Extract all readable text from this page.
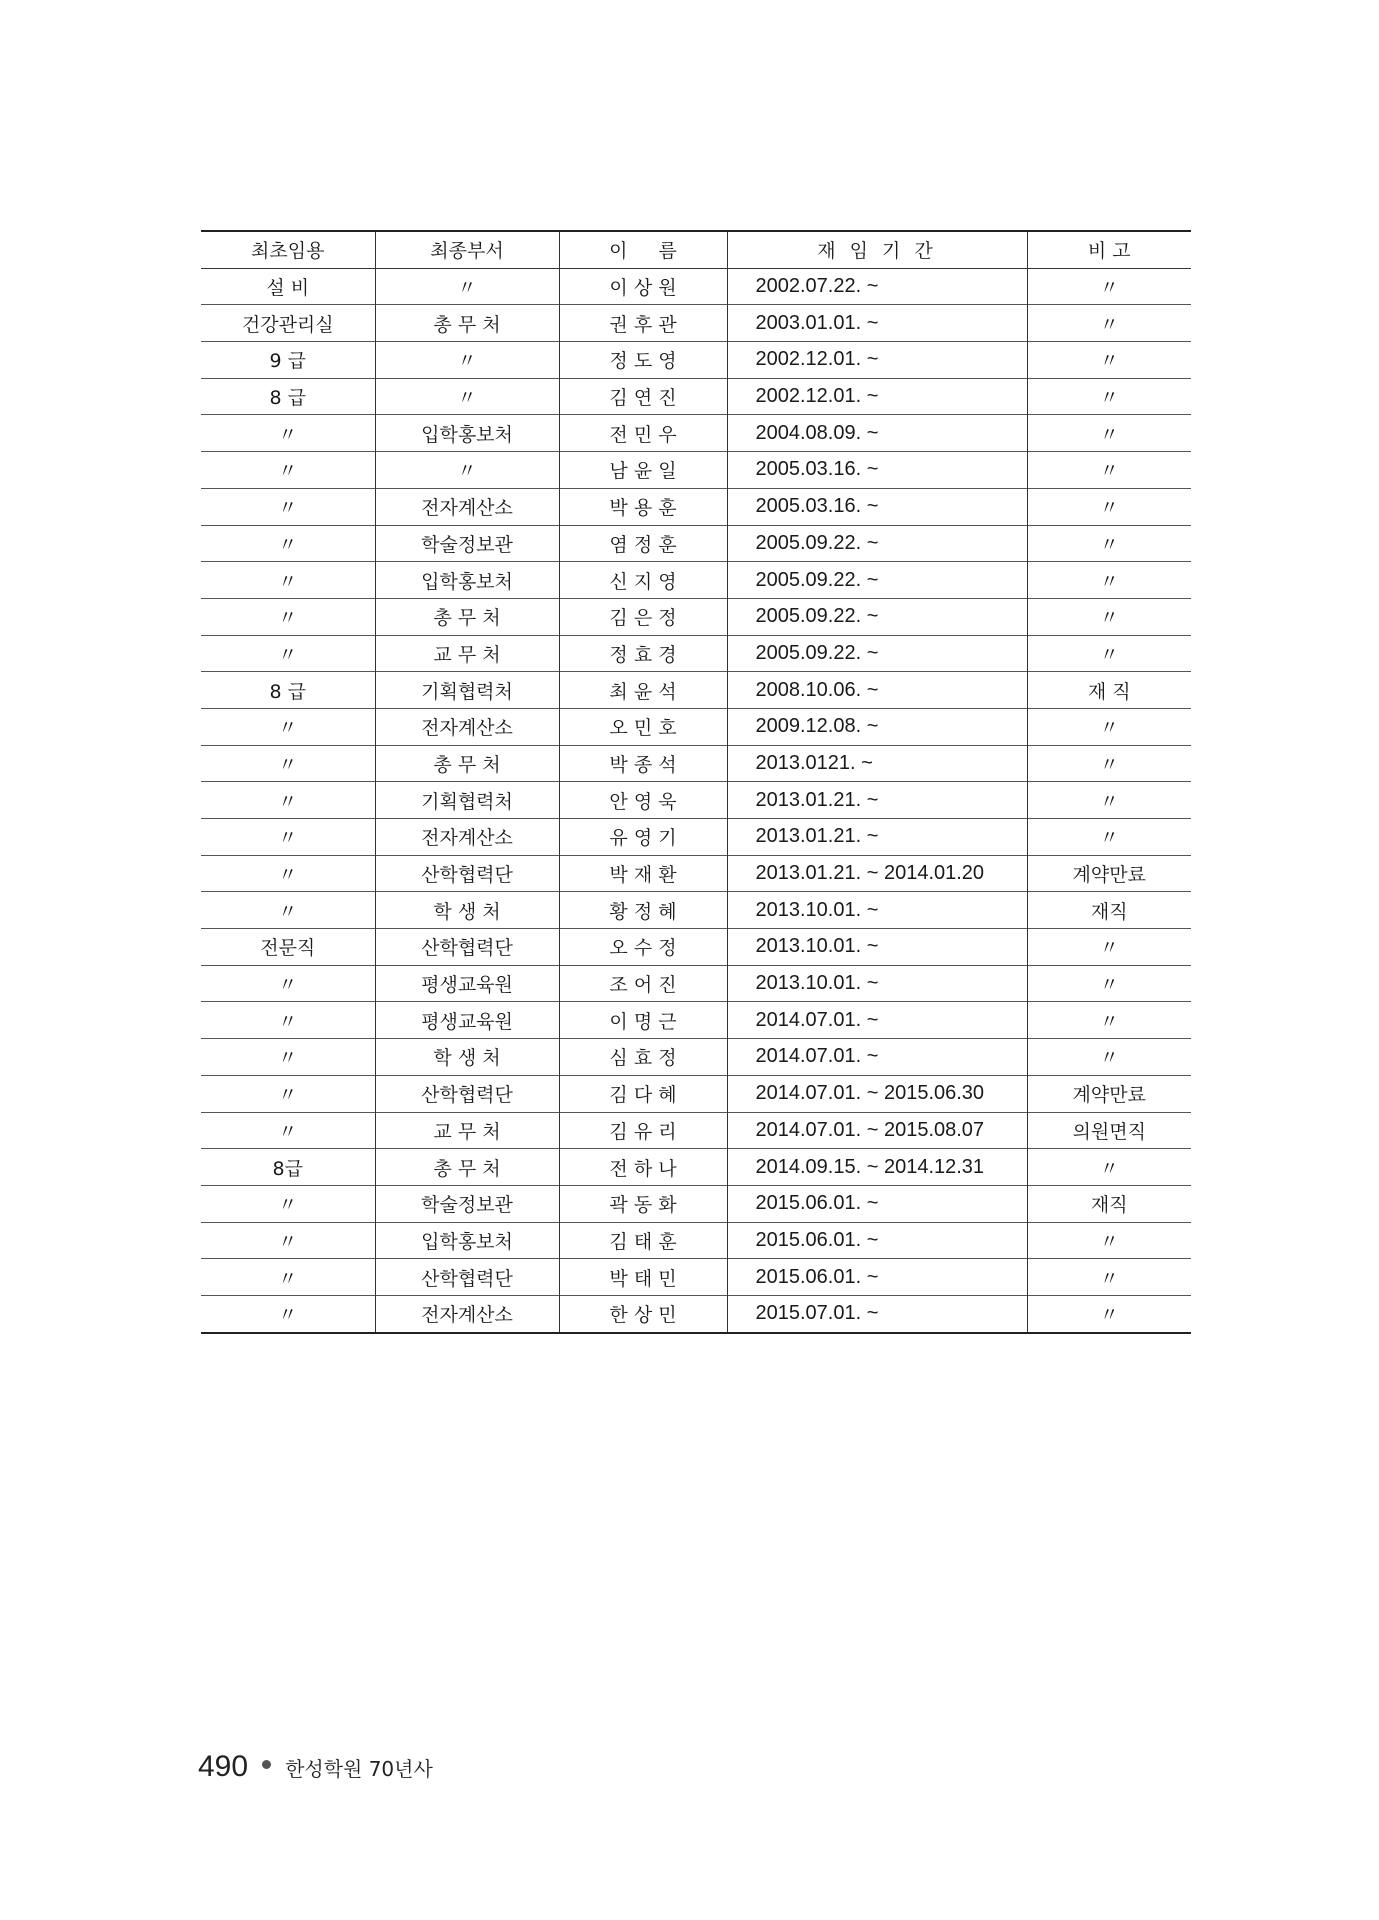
최초임용	최종부서	이 　 름	재 임 기 간	비 고
설 비	〃	이 상 원	2002.07.22. ~	〃
건강관리실	총 무 처	권 후 관	2003.01.01. ~	〃
9 급	〃	정 도 영	2002.12.01. ~	〃
8 급	〃	김 연 진	2002.12.01. ~	〃
〃	입학홍보처	전 민 우	2004.08.09. ~	〃
〃	〃	남 윤 일	2005.03.16. ~	〃
〃	전자계산소	박 용 훈	2005.03.16. ~	〃
〃	학술정보관	염 정 훈	2005.09.22. ~	〃
〃	입학홍보처	신 지 영	2005.09.22. ~	〃
〃	총 무 처	김 은 정	2005.09.22. ~	〃
〃	교 무 처	정 효 경	2005.09.22. ~	〃
8 급	기획협력처	최 윤 석	2008.10.06. ~	재 직
〃	전자계산소	오 민 호	2009.12.08. ~	〃
〃	총 무 처	박 종 석	2013.0121. ~	〃
〃	기획협력처	안 영 욱	2013.01.21. ~	〃
〃	전자계산소	유 영 기	2013.01.21. ~	〃
〃	산학협력단	박 재 환	2013.01.21. ~ 2014.01.20	계약만료
〃	학 생 처	황 정 혜	2013.10.01. ~	재직
전문직	산학협력단	오 수 정	2013.10.01. ~	〃
〃	평생교육원	조 어 진	2013.10.01. ~	〃
〃	평생교육원	이 명 근	2014.07.01. ~	〃
〃	학 생 처	심 효 정	2014.07.01. ~	〃
〃	산학협력단	김 다 혜	2014.07.01. ~ 2015.06.30	계약만료
〃	교 무 처	김 유 리	2014.07.01. ~ 2015.08.07	의원면직
8급	총 무 처	전 하 나	2014.09.15. ~ 2014.12.31	〃
〃	학술정보관	곽 동 화	2015.06.01. ~	재직
〃	입학홍보처	김 태 훈	2015.06.01. ~	〃
〃	산학협력단	박 태 민	2015.06.01. ~	〃
〃	전자계산소	한 상 민	2015.07.01. ~	〃
490 한성학원 70년사
